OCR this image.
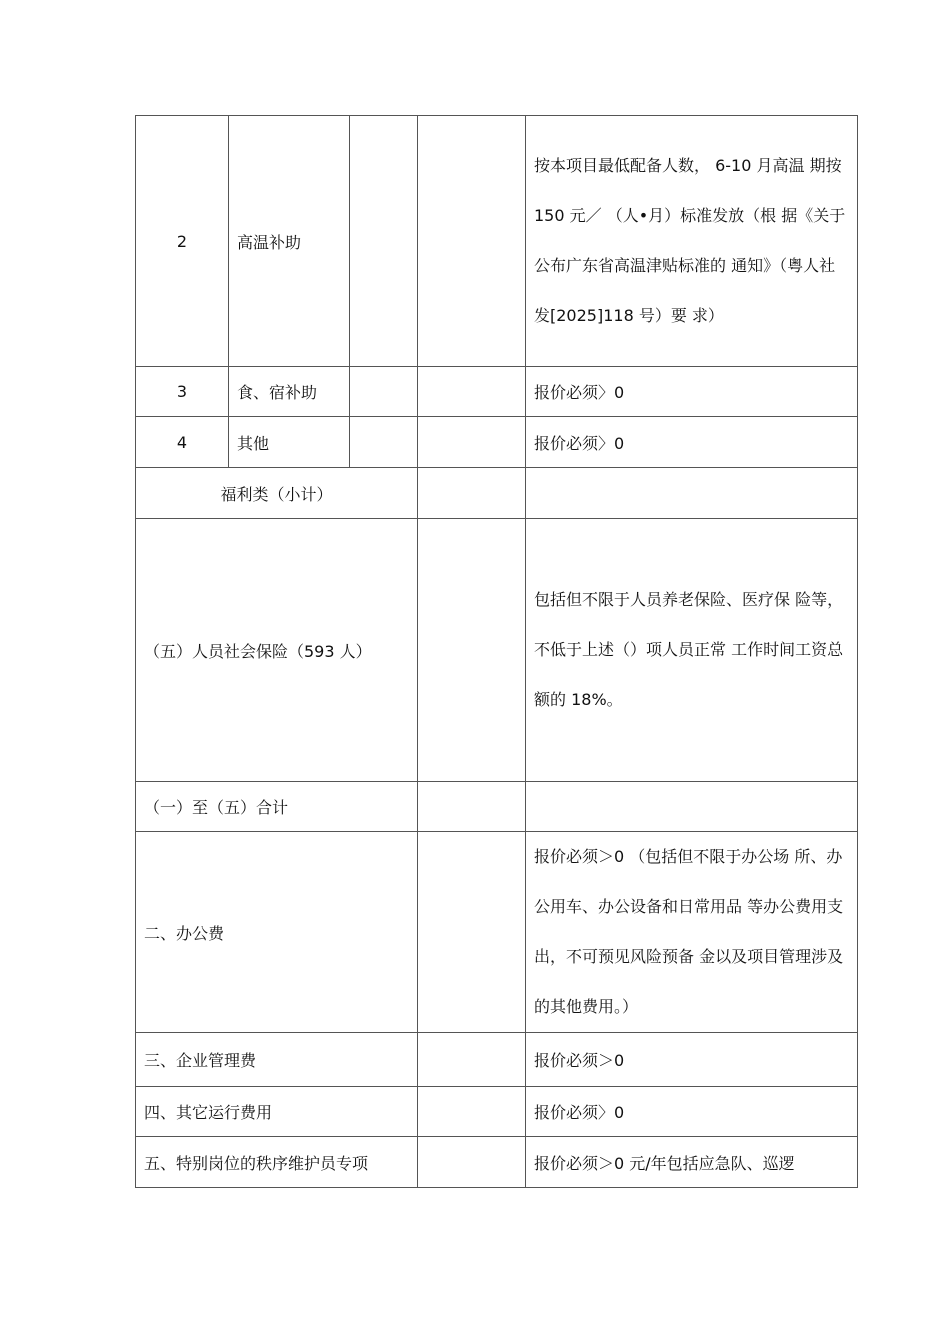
2	高温补助			按本项目最低配备人数， 6-10 月高温 期按 150 元／ （人•月）标准发放（根 据《关于公布广东省高温津贴标准的 通知》（粤人社发[2025]118 号）要 求）
3	食、宿补助			报价必须〉0
4	其他			报价必须〉0
福利类（小计）				
（五）人员社会保险（593 人）				包括但不限于人员养老保险、医疗保 险等，不低于上述（）项人员正常 工作时间工资总额的 18%。
（一）至（五）合计				
二、办公费				报价必须＞0 （包括但不限于办公场 所、办公用车、办公设备和日常用品 等办公费用支出，不可预见风险预备 金以及项目管理涉及的其他费用。）
三、企业管理费				报价必须＞0
四、其它运行费用				报价必须〉0
五、特别岗位的秩序维护员专项				报价必须＞0 元/年包括应急队、巡逻
